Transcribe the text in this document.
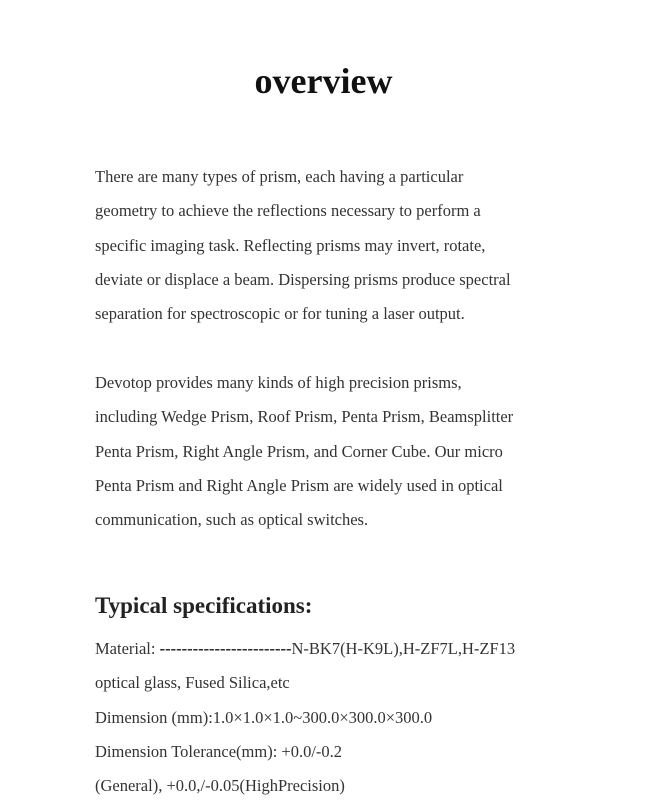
overview
There are many types of prism, each having a particular
geometry to achieve the reflections necessary to perform a
specific imaging task. Reflecting prisms may invert, rotate,
deviate or displace a beam. Dispersing prisms produce spectral
separation for spectroscopic or for tuning a laser output.
Devotop provides many kinds of high precision prisms,
including Wedge Prism, Roof Prism, Penta Prism, Beamsplitter
Penta Prism, Right Angle Prism, and Corner Cube. Our micro
Penta Prism and Right Angle Prism are widely used in optical
communication, such as optical switches.
Typical specifications:
Material: ------------------------N-BK7(H-K9L),H-ZF7L,H-ZF13
optical glass, Fused Silica,etc
Dimension (mm):1.0×1.0×1.0~300.0×300.0×300.0
Dimension Tolerance(mm): +0.0/-0.2
(General), +0.0,/-0.05(HighPrecision)
